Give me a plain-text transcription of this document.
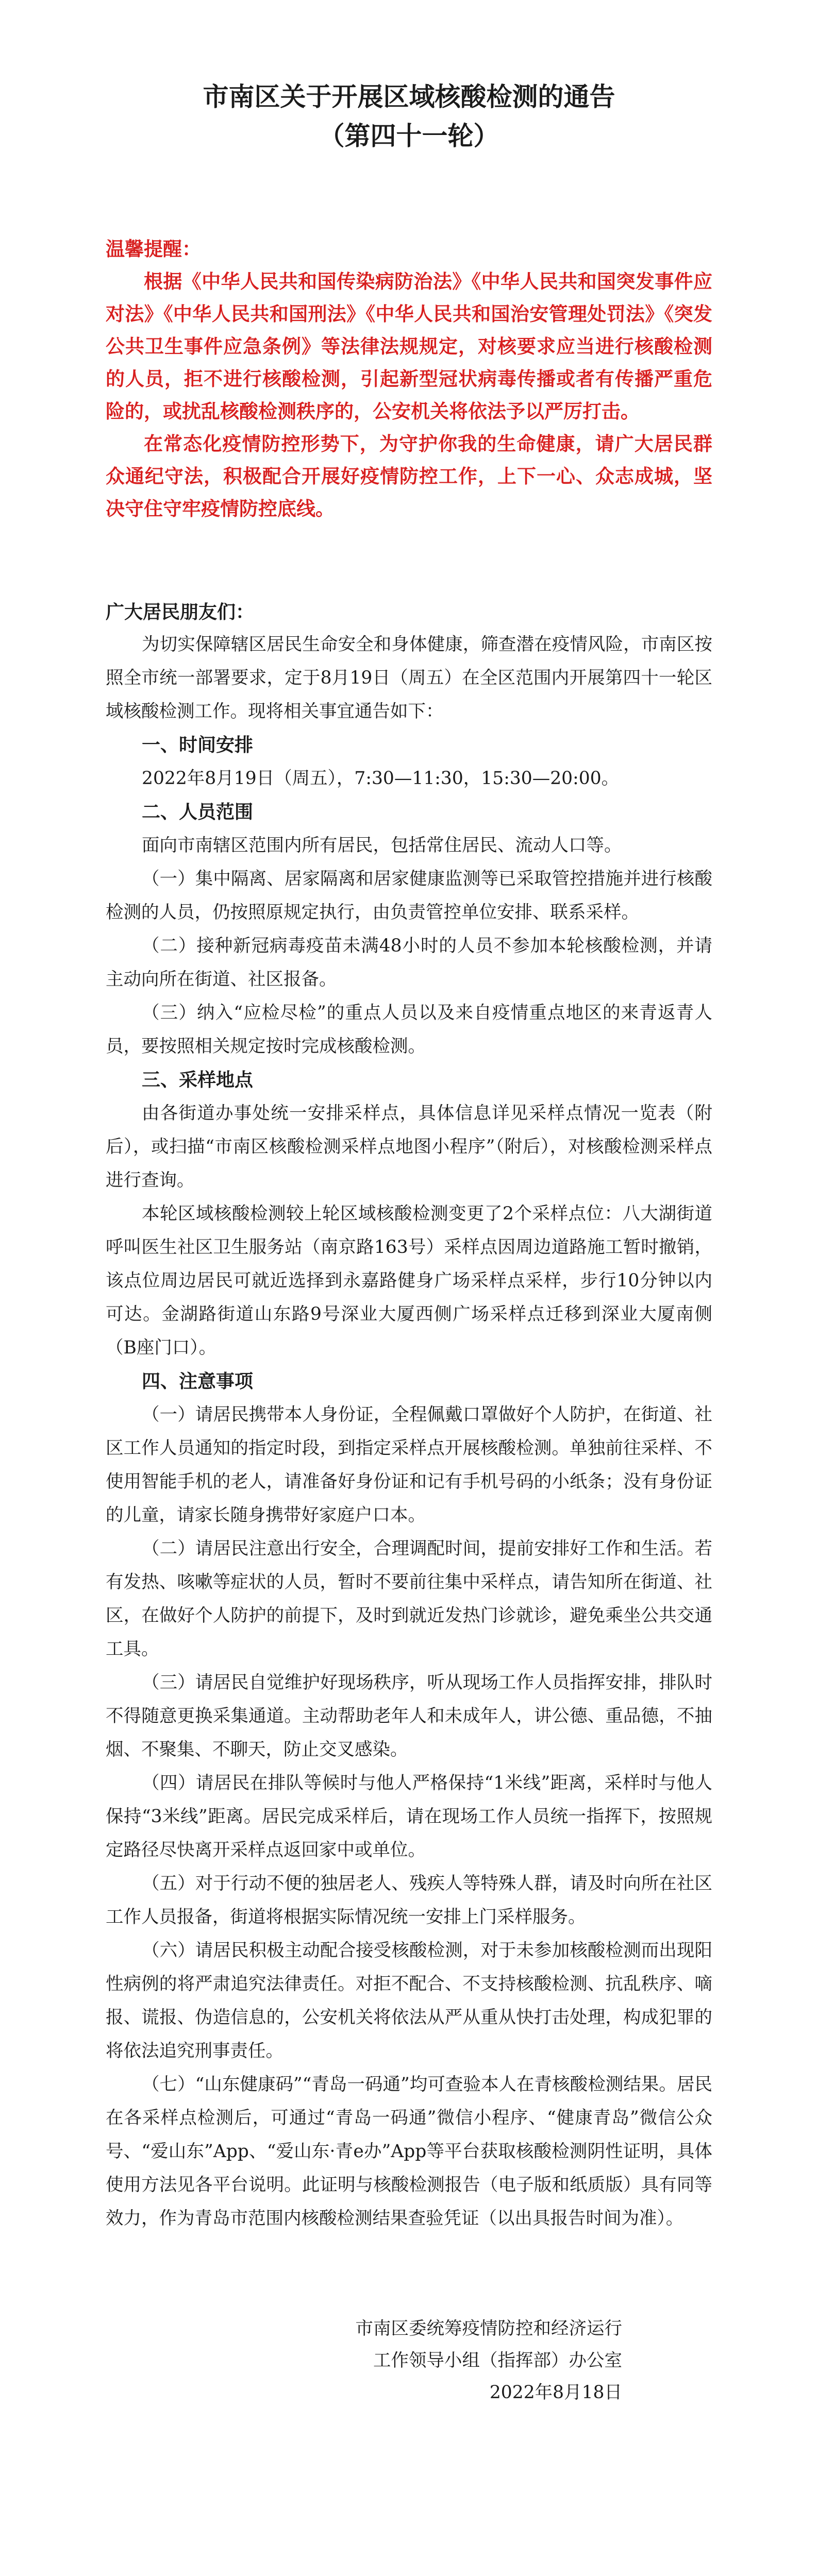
市南区关于开展区域核酸检测的通告
（第四十一轮）

温馨提醒：

根据《中华人民共和国传染病防治法》《中华人民共和国突发事件应对法》《中华人民共和国刑法》《中华人民共和国治安管理处罚法》《突发公共卫生事件应急条例》等法律法规规定，对核要求应当进行核酸检测的人员，拒不进行核酸检测，引起新型冠状病毒传播或者有传播严重危险的，或扰乱核酸检测秩序的，公安机关将依法予以严厉打击。

在常态化疫情防控形势下，为守护你我的生命健康，请广大居民群众通纪守法，积极配合开展好疫情防控工作，上下一心、众志成城，坚决守住守牢疫情防控底线。

广大居民朋友们：

为切实保障辖区居民生命安全和身体健康，筛查潜在疫情风险，市南区按照全市统一部署要求，定于8月19日（周五）在全区范围内开展第四十一轮区域核酸检测工作。现将相关事宜通告如下：

一、时间安排

2022年8月19日（周五），7:30—11:30，15:30—20:00。

二、人员范围

面向市南辖区范围内所有居民，包括常住居民、流动人口等。

（一）集中隔离、居家隔离和居家健康监测等已采取管控措施并进行核酸检测的人员，仍按照原规定执行，由负责管控单位安排、联系采样。

（二）接种新冠病毒疫苗未满48小时的人员不参加本轮核酸检测，并请主动向所在街道、社区报备。

（三）纳入“应检尽检”的重点人员以及来自疫情重点地区的来青返青人员，要按照相关规定按时完成核酸检测。

三、采样地点

由各街道办事处统一安排采样点，具体信息详见采样点情况一览表（附后），或扫描“市南区核酸检测采样点地图小程序”（附后），对核酸检测采样点进行查询。

本轮区域核酸检测较上轮区域核酸检测变更了2个采样点位：八大湖街道呼叫医生社区卫生服务站（南京路163号）采样点因周边道路施工暂时撤销，该点位周边居民可就近选择到永嘉路健身广场采样点采样，步行10分钟以内可达。金湖路街道山东路9号深业大厦西侧广场采样点迁移到深业大厦南侧（B座门口）。

四、注意事项

（一）请居民携带本人身份证，全程佩戴口罩做好个人防护，在街道、社区工作人员通知的指定时段，到指定采样点开展核酸检测。单独前往采样、不使用智能手机的老人，请准备好身份证和记有手机号码的小纸条；没有身份证的儿童，请家长随身携带好家庭户口本。

（二）请居民注意出行安全，合理调配时间，提前安排好工作和生活。若有发热、咳嗽等症状的人员，暂时不要前往集中采样点，请告知所在街道、社区，在做好个人防护的前提下，及时到就近发热门诊就诊，避免乘坐公共交通工具。

（三）请居民自觉维护好现场秩序，听从现场工作人员指挥安排，排队时不得随意更换采集通道。主动帮助老年人和未成年人，讲公德、重品德，不抽烟、不聚集、不聊天，防止交叉感染。

（四）请居民在排队等候时与他人严格保持“1米线”距离，采样时与他人保持“3米线”距离。居民完成采样后，请在现场工作人员统一指挥下，按照规定路径尽快离开采样点返回家中或单位。

（五）对于行动不便的独居老人、残疾人等特殊人群，请及时向所在社区工作人员报备，街道将根据实际情况统一安排上门采样服务。

（六）请居民积极主动配合接受核酸检测，对于未参加核酸检测而出现阳性病例的将严肃追究法律责任。对拒不配合、不支持核酸检测、抗乱秩序、嘀报、谎报、伪造信息的，公安机关将依法从严从重从快打击处理，构成犯罪的将依法追究刑事责任。

（七）“山东健康码”“青岛一码通”均可查验本人在青核酸检测结果。居民在各采样点检测后，可通过“青岛一码通”微信小程序、“健康青岛”微信公众号、“爱山东”App、“爱山东·青e办”App等平台获取核酸检测阴性证明，具体使用方法见各平台说明。此证明与核酸检测报告（电子版和纸质版）具有同等效力，作为青岛市范围内核酸检测结果查验凭证（以出具报告时间为准）。

市南区委统筹疫情防控和经济运行
工作领导小组（指挥部）办公室
2022年8月18日
